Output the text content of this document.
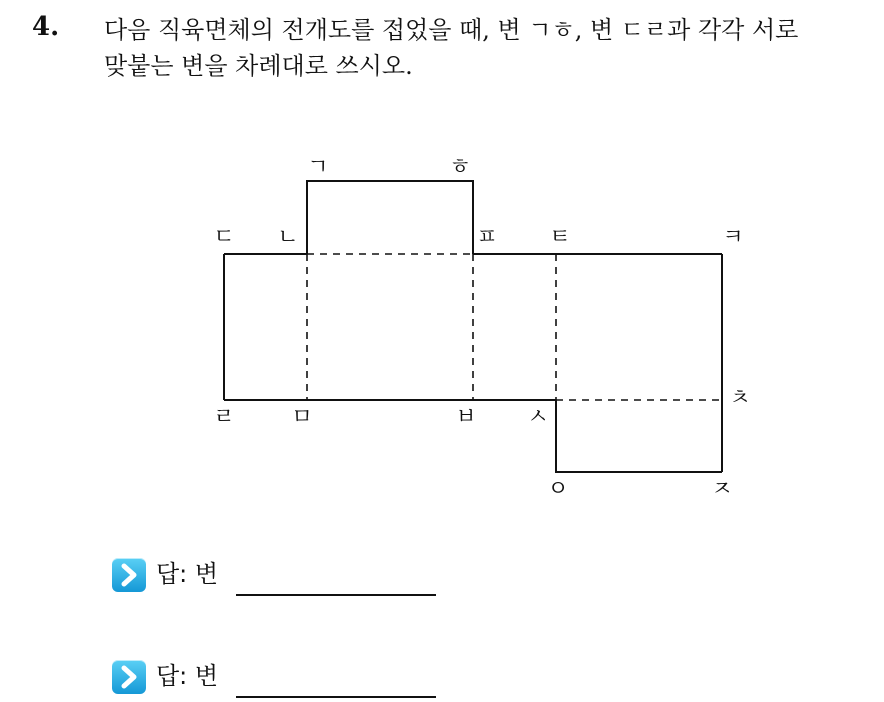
4. 다음 직육면체의 전개도를 접었을 때, 변 ㄱㅎ, 변 ㄷㄹ과 각각 서로
맞붙는 변을 차례대로 쓰시오.
ㄱ	ㅎ
ㄷ ㄴ	ㅍ ㅌ	ㅋ
ㄹ	ㅁ	ㅂ ㅅ
ㅊ
ㅇ	ㅈ
답: 변
답: 변
